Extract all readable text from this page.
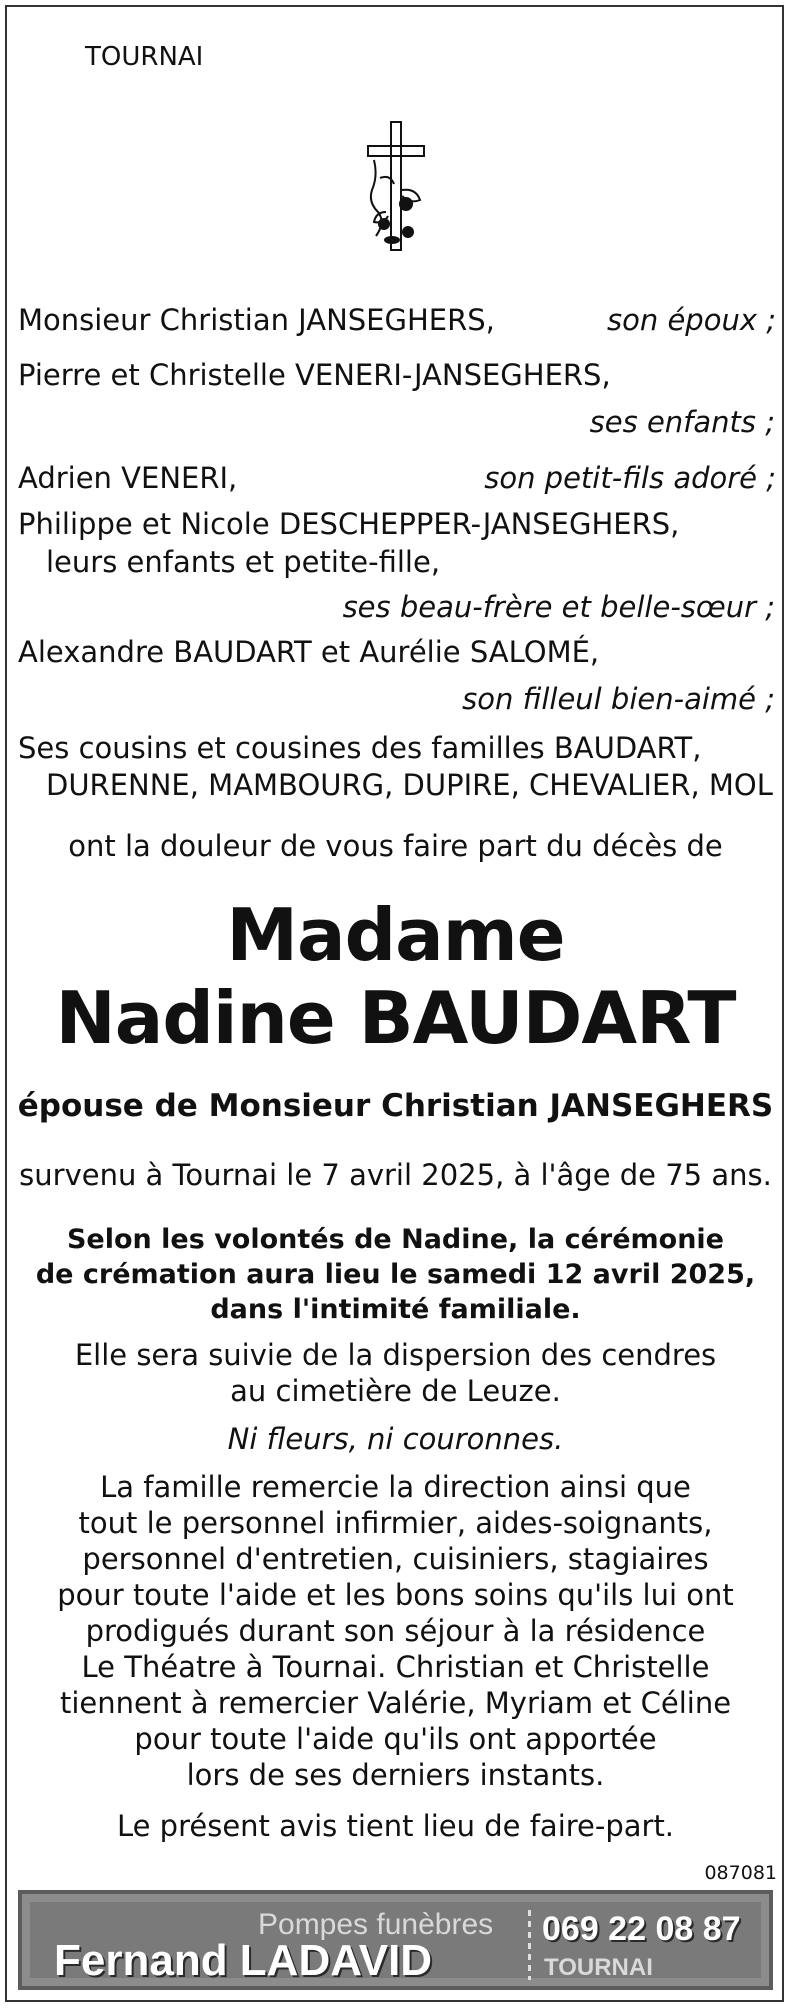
TOURNAI
Monsieur Christian JANSEGHERS,	son époux ;
Pierre et Christelle VENERI-JANSEGHERS,
ses enfants ;
Adrien VENERI,	son petit-fils adoré ;
Philippe et Nicole DESCHEPPER-JANSEGHERS,
leurs enfants et petite-fille,
ses beau-frère et belle-sœur ;
Alexandre BAUDART et Aurélie SALOMÉ,
son filleul bien-aimé ;
Ses cousins et cousines des familles BAUDART,
DURENNE, MAMBOURG, DUPIRE, CHEVALIER, MOL
ont la douleur de vous faire part du décès de
Madame
Nadine BAUDART
épouse de Monsieur Christian JANSEGHERS
survenu à Tournai le 7 avril 2025, à l'âge de 75 ans.
Selon les volontés de Nadine, la cérémonie
de crémation aura lieu le samedi 12 avril 2025,
dans l'intimité familiale.
Elle sera suivie de la dispersion des cendres
au cimetière de Leuze.
Ni fleurs, ni couronnes.
La famille remercie la direction ainsi que
tout le personnel infirmier, aides-soignants,
personnel d'entretien, cuisiniers, stagiaires
pour toute l'aide et les bons soins qu'ils lui ont
prodigués durant son séjour à la résidence
Le Théatre à Tournai. Christian et Christelle
tiennent à remercier Valérie, Myriam et Céline
pour toute l'aide qu'ils ont apportée
lors de ses derniers instants.
Le présent avis tient lieu de faire-part.
087081
Pompes funèbres
Fernand LADAVID
069 22 08 87
TOURNAI
